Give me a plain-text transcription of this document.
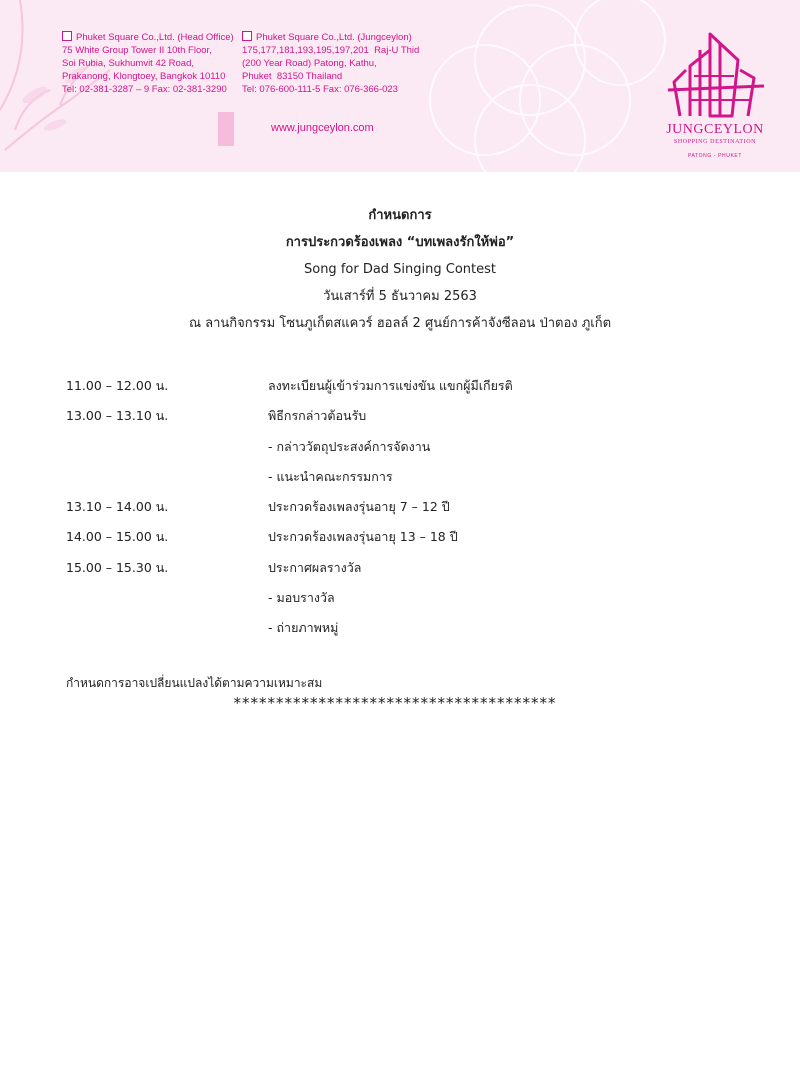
Phuket Square Co.,Ltd. (Head Office)
75 White Group Tower II 10th Floor,
Soi Rubia, Sukhumvit 42 Road,
Prakanong, Klongtoey, Bangkok 10110
Tel: 02-381-3287 – 9 Fax: 02-381-3290
Phuket Square Co.,Ltd. (Jungceylon)
175,177,181,193,195,197,201  Raj-U Thid
(200 Year Road) Patong, Kathu,
Phuket  83150 Thailand
Tel: 076-600-111-5 Fax: 076-366-023
www.jungceylon.com	JUNGCEYLON
SHOPPING DESTINATION
PATONG - PHUKET
กำหนดการ
การประกวดร้องเพลง “บทเพลงรักให้พ่อ”
Song for Dad Singing Contest
วันเสาร์ที่ 5 ธันวาคม 2563
ณ ลานกิจกรรม โซนภูเก็ตสแควร์ ฮอลล์ 2 ศูนย์การค้าจังซีลอน ป่าตอง ภูเก็ต
11.00 – 12.00 น.	ลงทะเบียนผู้เข้าร่วมการแข่งขัน แขกผู้มีเกียรติ
13.00 – 13.10 น.	พิธีกรกล่าวต้อนรับ
- กล่าววัตถุประสงค์การจัดงาน
- แนะนำคณะกรรมการ
13.10 – 14.00 น.	ประกวดร้องเพลงรุ่นอายุ 7 – 12 ปี
14.00 – 15.00 น.	ประกวดร้องเพลงรุ่นอายุ 13 – 18 ปี
15.00 – 15.30 น.	ประกาศผลรางวัล
- มอบรางวัล
- ถ่ายภาพหมู่
กำหนดการอาจเปลี่ยนแปลงได้ตามความเหมาะสม
**************************************
